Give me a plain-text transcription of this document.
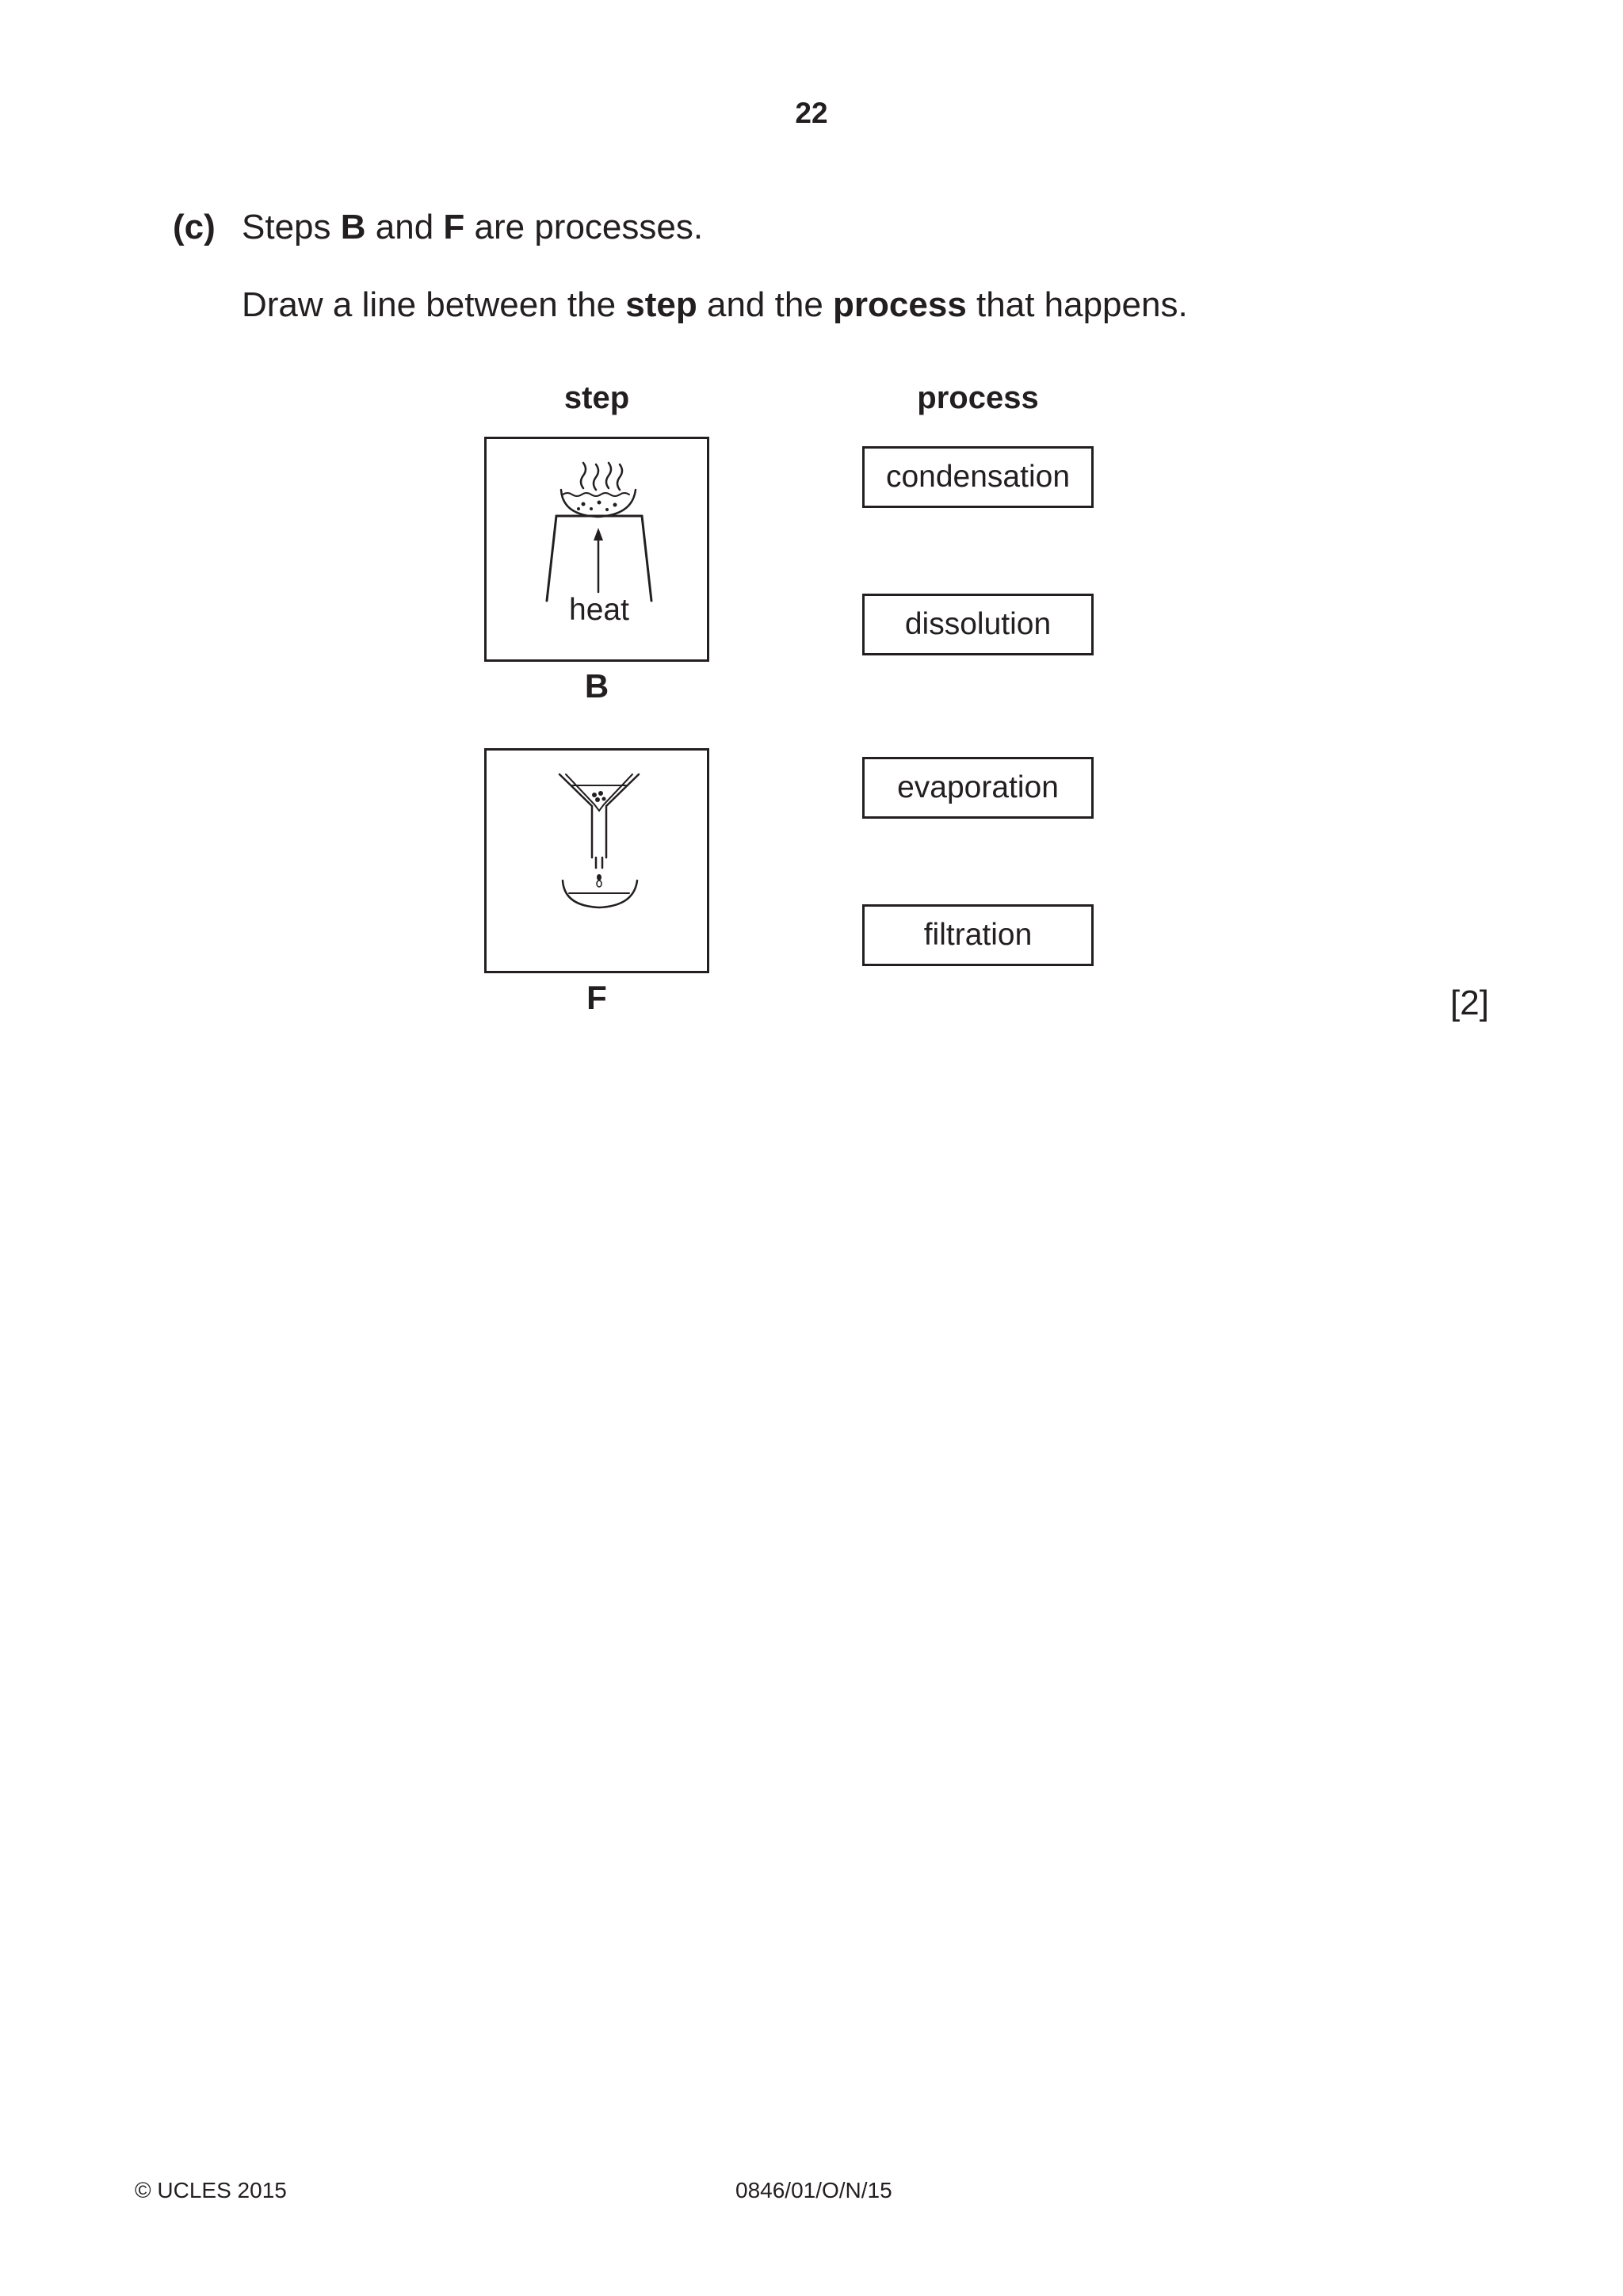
22
(c) Steps B and F are processes.
Draw a line between the step and the process that happens.
step	process
heat
B
F
condensation
dissolution
evaporation
filtration
[2]
© UCLES 2015	0846/01/O/N/15
